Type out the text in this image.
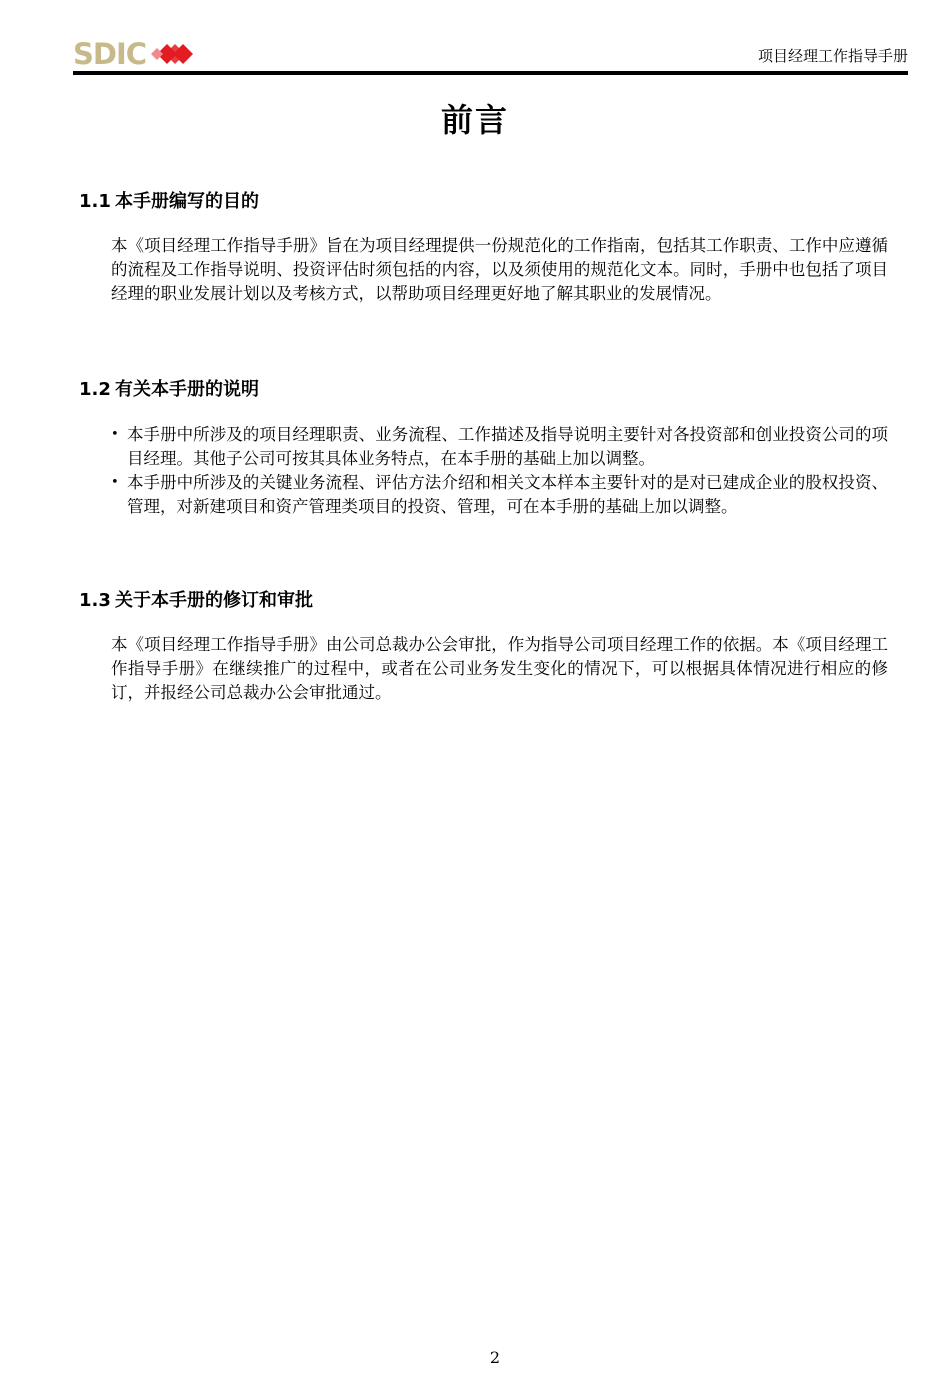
SDIC	项目经理工作指导手册
前言
1.1 本手册编写的目的

本《项目经理工作指导手册》旨在为项目经理提供一份规范化的工作指南，包括其工作职责、工作中应遵循的流程及工作指导说明、投资评估时须包括的内容，以及须使用的规范化文本。同时，手册中也包括了项目经理的职业发展计划以及考核方式，以帮助项目经理更好地了解其职业的发展情况。

1.2 有关本手册的说明
• 本手册中所涉及的项目经理职责、业务流程、工作描述及指导说明主要针对各投资部和创业投资公司的项目经理。其他子公司可按其具体业务特点，在本手册的基础上加以调整。
• 本手册中所涉及的关键业务流程、评估方法介绍和相关文本样本主要针对的是对已建成企业的股权投资、管理，对新建项目和资产管理类项目的投资、管理，可在本手册的基础上加以调整。
1.3 关于本手册的修订和审批

本《项目经理工作指导手册》由公司总裁办公会审批，作为指导公司项目经理工作的依据。本《项目经理工作指导手册》在继续推广的过程中，或者在公司业务发生变化的情况下，可以根据具体情况进行相应的修订，并报经公司总裁办公会审批通过。

2
